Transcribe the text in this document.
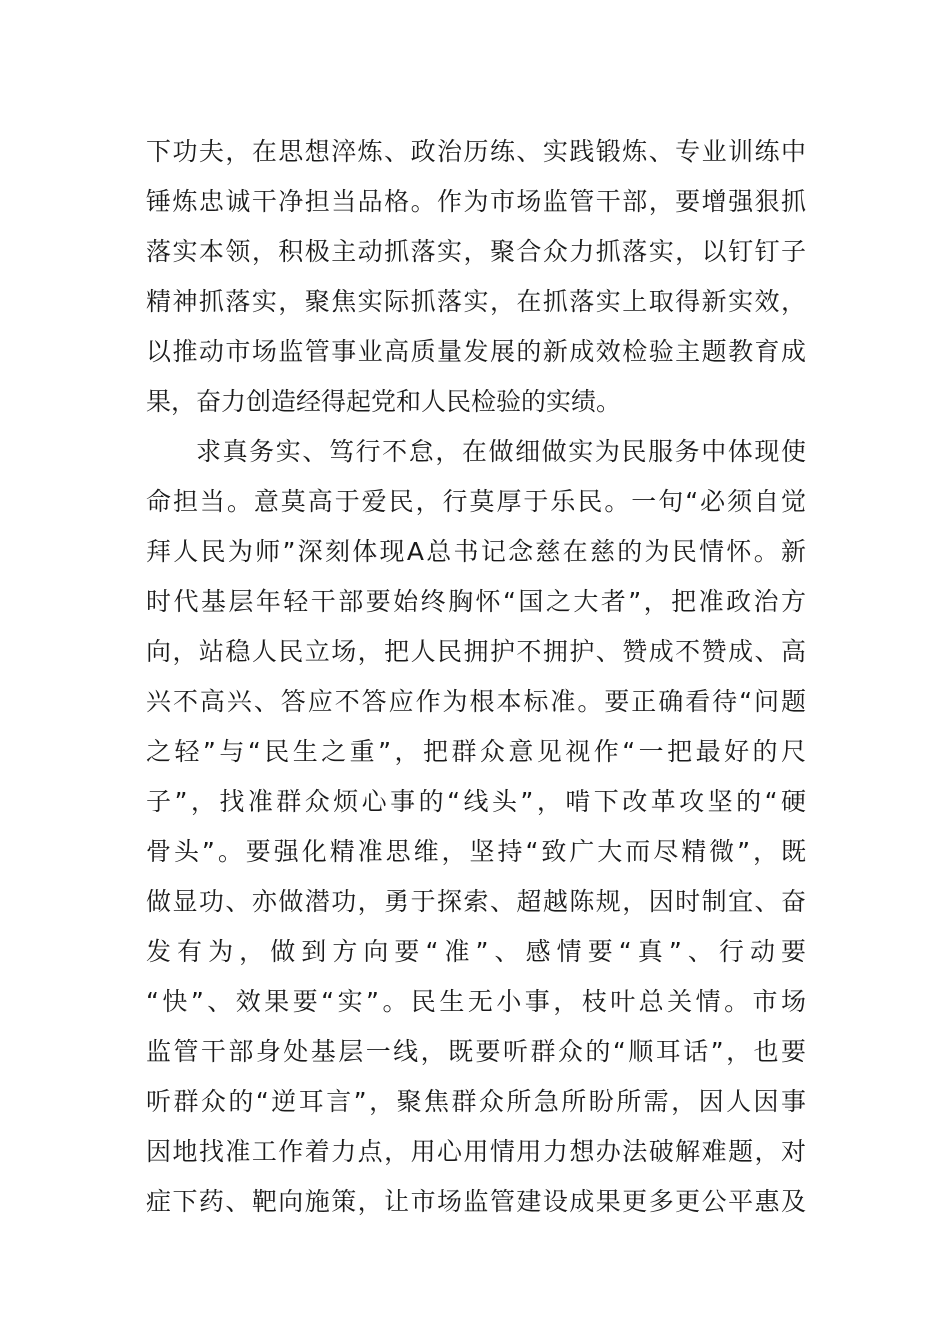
下功夫，在思想淬炼、政治历练、实践锻炼、专业训练中
锤炼忠诚干净担当品格。作为市场监管干部，要增强狠抓
落实本领，积极主动抓落实，聚合众力抓落实，以钉钉子
精神抓落实，聚焦实际抓落实，在抓落实上取得新实效，
以推动市场监管事业高质量发展的新成效检验主题教育成
果，奋力创造经得起党和人民检验的实绩。
求真务实、笃行不怠，在做细做实为民服务中体现使
命担当。意莫高于爱民，行莫厚于乐民。一句“必须自觉
拜人民为师”深刻体现A总书记念慈在慈的为民情怀。新
时代基层年轻干部要始终胸怀“国之大者”，把准政治方
向，站稳人民立场，把人民拥护不拥护、赞成不赞成、高
兴不高兴、答应不答应作为根本标准。要正确看待“问题
之轻”与“民生之重”，把群众意见视作“一把最好的尺
子”，找准群众烦心事的“线头”，啃下改革攻坚的“硬
骨头”。要强化精准思维，坚持“致广大而尽精微”，既
做显功、亦做潜功，勇于探索、超越陈规，因时制宜、奋
发有为，做到方向要“准”、感情要“真”、行动要
“快”、效果要“实”。民生无小事，枝叶总关情。市场
监管干部身处基层一线，既要听群众的“顺耳话”，也要
听群众的“逆耳言”，聚焦群众所急所盼所需，因人因事
因地找准工作着力点，用心用情用力想办法破解难题，对
症下药、靶向施策，让市场监管建设成果更多更公平惠及
